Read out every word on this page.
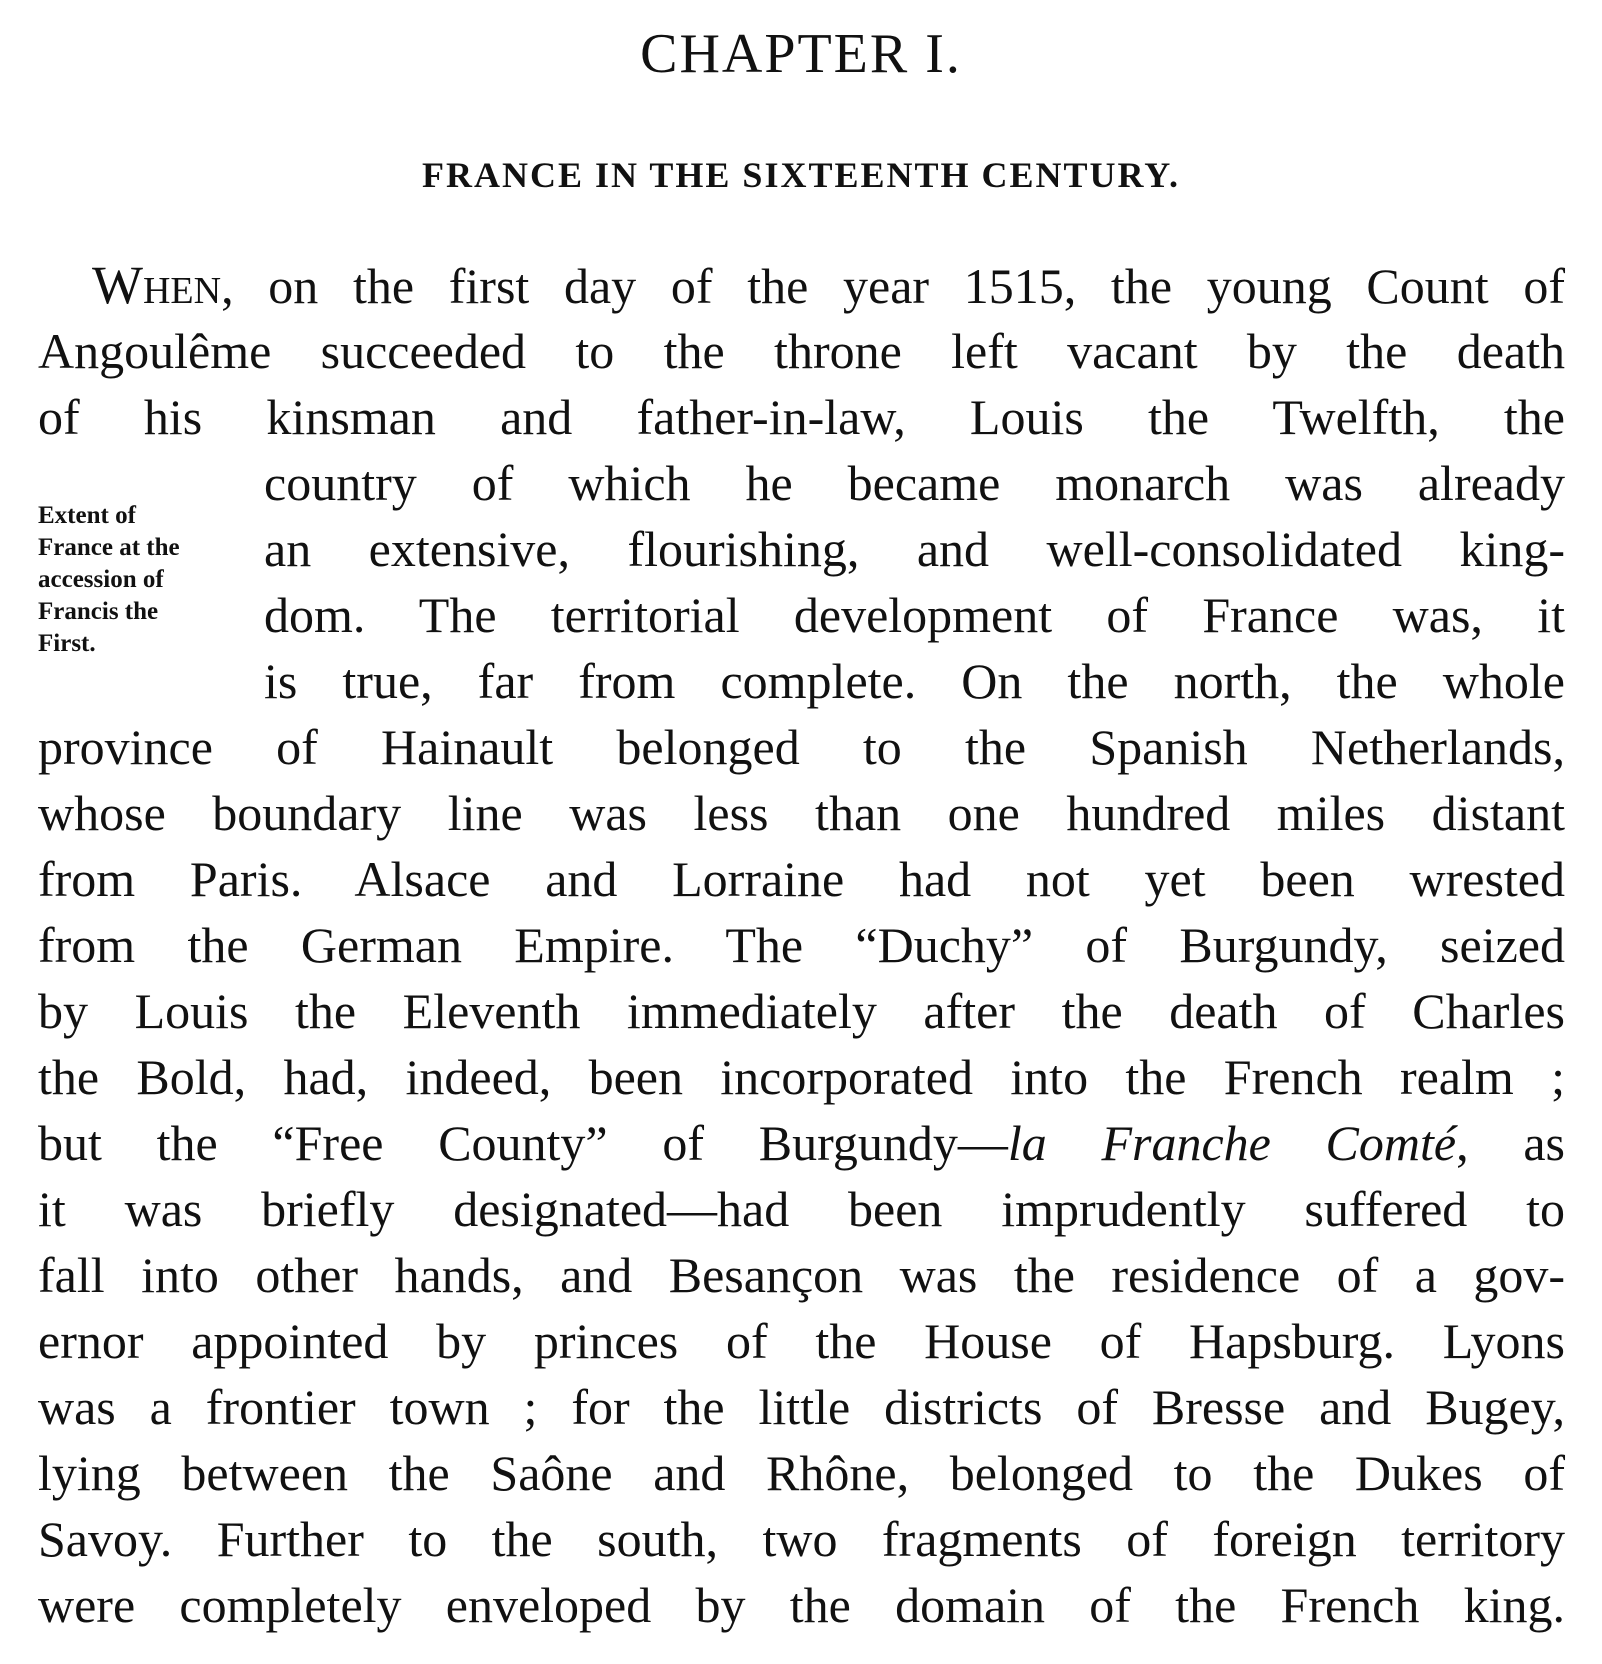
CHAPTER I.
FRANCE IN THE SIXTEENTH CENTURY.
Extent of
France at the
accession of
Francis the
First.
When, on the first day of the year 1515, the young Count of
Angoulême succeeded to the throne left vacant by the death
of his kinsman and father-in-law, Louis the Twelfth, the
country of which he became monarch was already
an extensive, flourishing, and well-consolidated king-
dom. The territorial development of France was, it
is true, far from complete. On the north, the whole
province of Hainault belonged to the Spanish Netherlands,
whose boundary line was less than one hundred miles distant
from Paris. Alsace and Lorraine had not yet been wrested
from the German Empire. The “Duchy” of Burgundy, seized
by Louis the Eleventh immediately after the death of Charles
the Bold, had, indeed, been incorporated into the French realm ;
but the “Free County” of Burgundy—la Franche Comté, as
it was briefly designated—had been imprudently suffered to
fall into other hands, and Besançon was the residence of a gov-
ernor appointed by princes of the House of Hapsburg. Lyons
was a frontier town ; for the little districts of Bresse and Bugey,
lying between the Saône and Rhône, belonged to the Dukes of
Savoy. Further to the south, two fragments of foreign territory
were completely enveloped by the domain of the French king.
